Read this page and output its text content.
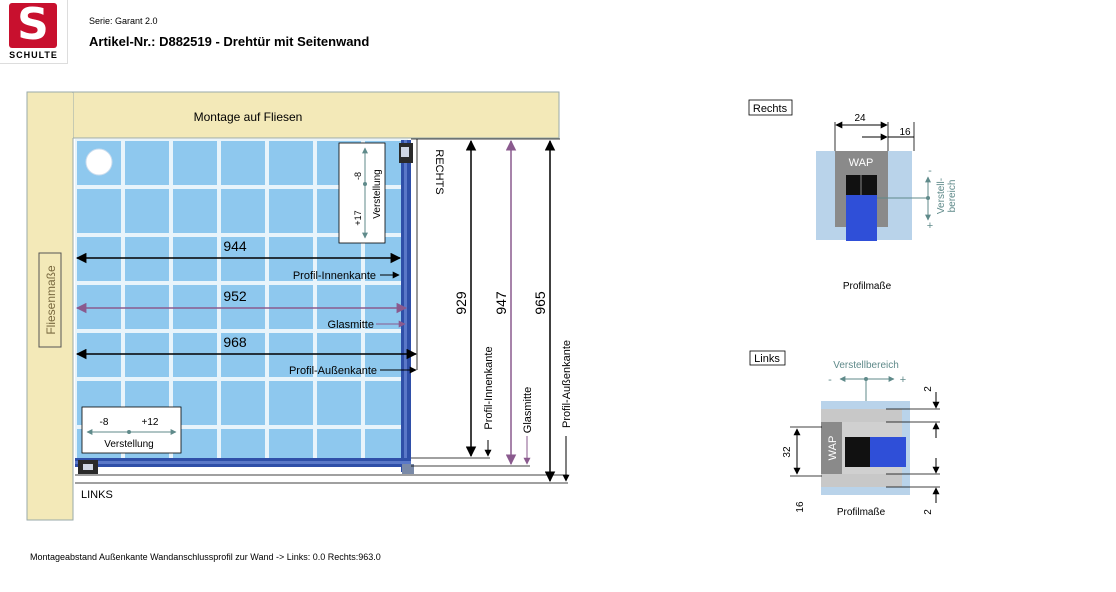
S
SCHULTE
Serie: Garant 2.0
Artikel-Nr.: D882519 - Drehtür mit Seitenwand
Montage auf Fliesen
Fliesenmaße
RECHTS
LINKS
-8
+17 Verstellung
-8	+12
Verstellung
944
Profil-Innenkante
952
Glasmitte
968
Profil-Außenkante
929
Profil-Innenkante
947
Glasmitte
965
Profil-Außenkante
Rechts
24
16
WAP
-
+
Verstell- bereich
Profilmaße
Links
Verstellbereich
-	+
WAP
32
16
2
2
Profilmaße
Montageabstand Außenkante Wandanschlussprofil zur Wand -> Links: 0.0 Rechts:963.0
